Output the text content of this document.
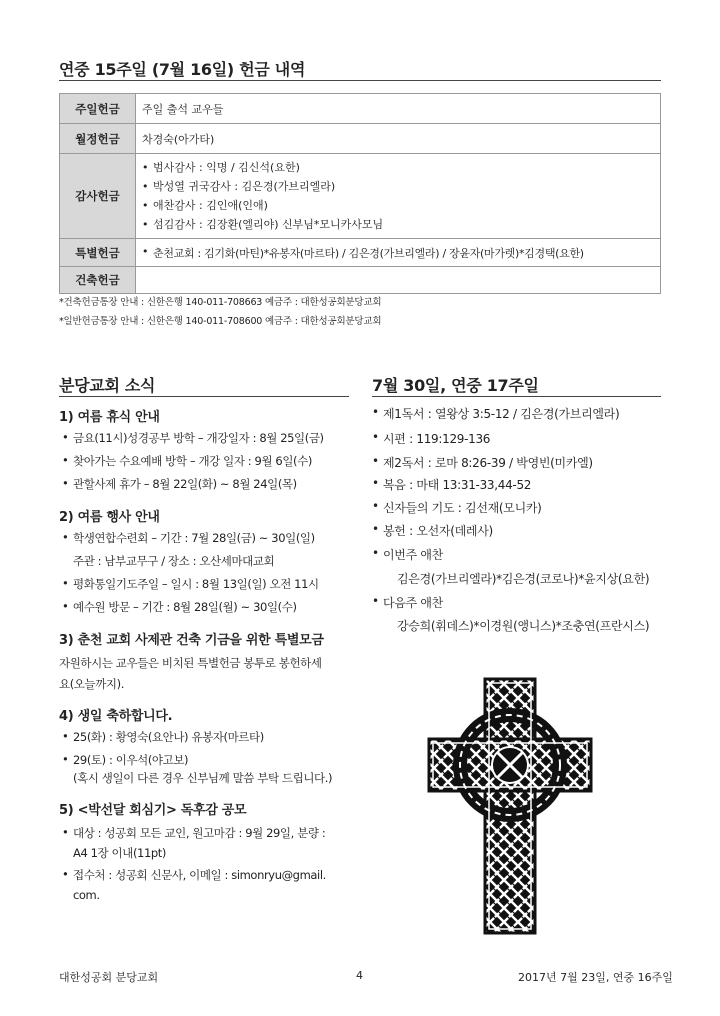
연중 15주일 (7월 16일) 헌금 내역
주일헌금	주일 출석 교우들
월정헌금	차경숙(아가타)
감사헌금	• 범사감사 : 익명 / 김신석(요한)
• 박성열 귀국감사 : 김은경(가브리엘라)
• 애찬감사 : 김인애(인애)
• 섬김감사 : 김장환(엘리야) 신부님*모니카사모님

특별헌금	• 춘천교회 : 김기화(마틴)*유봉자(마르타) / 김은경(가브리엘라) / 장윤자(마가렛)*김경택(요한)

건축헌금	
*건축헌금통장 안내 : 신한은행 140-011-708663 예금주 : 대한성공회분당교회
*일반헌금통장 안내 : 신한은행 140-011-708600 예금주 : 대한성공회분당교회
분당교회 소식
1) 여름 휴식 안내
• 금요(11시)성경공부 방학 – 개강일자 : 8월 25일(금)
• 찾아가는 수요예배 방학 – 개강 일자 : 9월 6일(수)
• 관할사제 휴가 – 8월 22일(화) ~ 8월 24일(목)
2) 여름 행사 안내
• 학생연합수련회 – 기간 : 7월 28일(금) ~ 30일(일)
주관 : 남부교무구 / 장소 : 오산세마대교회
• 평화통일기도주일 – 일시 : 8월 13일(일) 오전 11시
• 예수원 방문 – 기간 : 8월 28일(월) ~ 30일(수)
3) 춘천 교회 사제관 건축 기금을 위한 특별모금
자원하시는 교우들은 비치된 특별헌금 봉투로 봉헌하세
요(오늘까지).
4) 생일 축하합니다.
• 25(화) : 황영숙(요안나) 유봉자(마르타)
• 29(토) : 이우석(야고보)
(혹시 생일이 다른 경우 신부님께 말씀 부탁 드립니다.)
5) <박선달 회심기> 독후감 공모
• 대상 : 성공회 모든 교인, 원고마감 : 9월 29일, 분량 :
A4 1장 이내(11pt)
• 접수처 : 성공회 신문사, 이메일 : simonryu@gmail.
com.
7월 30일, 연중 17주일
• 제1독서 : 열왕상 3:5-12 / 김은경(가브리엘라)
• 시편 : 119:129-136
• 제2독서 : 로마 8:26-39 / 박영빈(미카엘)
• 복음 : 마태 13:31-33,44-52
• 신자들의 기도 : 김선재(모니카)
• 봉헌 : 오선자(데레사)
• 이번주 애찬
김은경(가브리엘라)*김은경(코로나)*윤지상(요한)
• 다음주 애찬
강승희(휘데스)*이경원(앵니스)*조충연(프란시스)
대한성공회 분당교회	4	2017년 7월 23일, 연중 16주일
